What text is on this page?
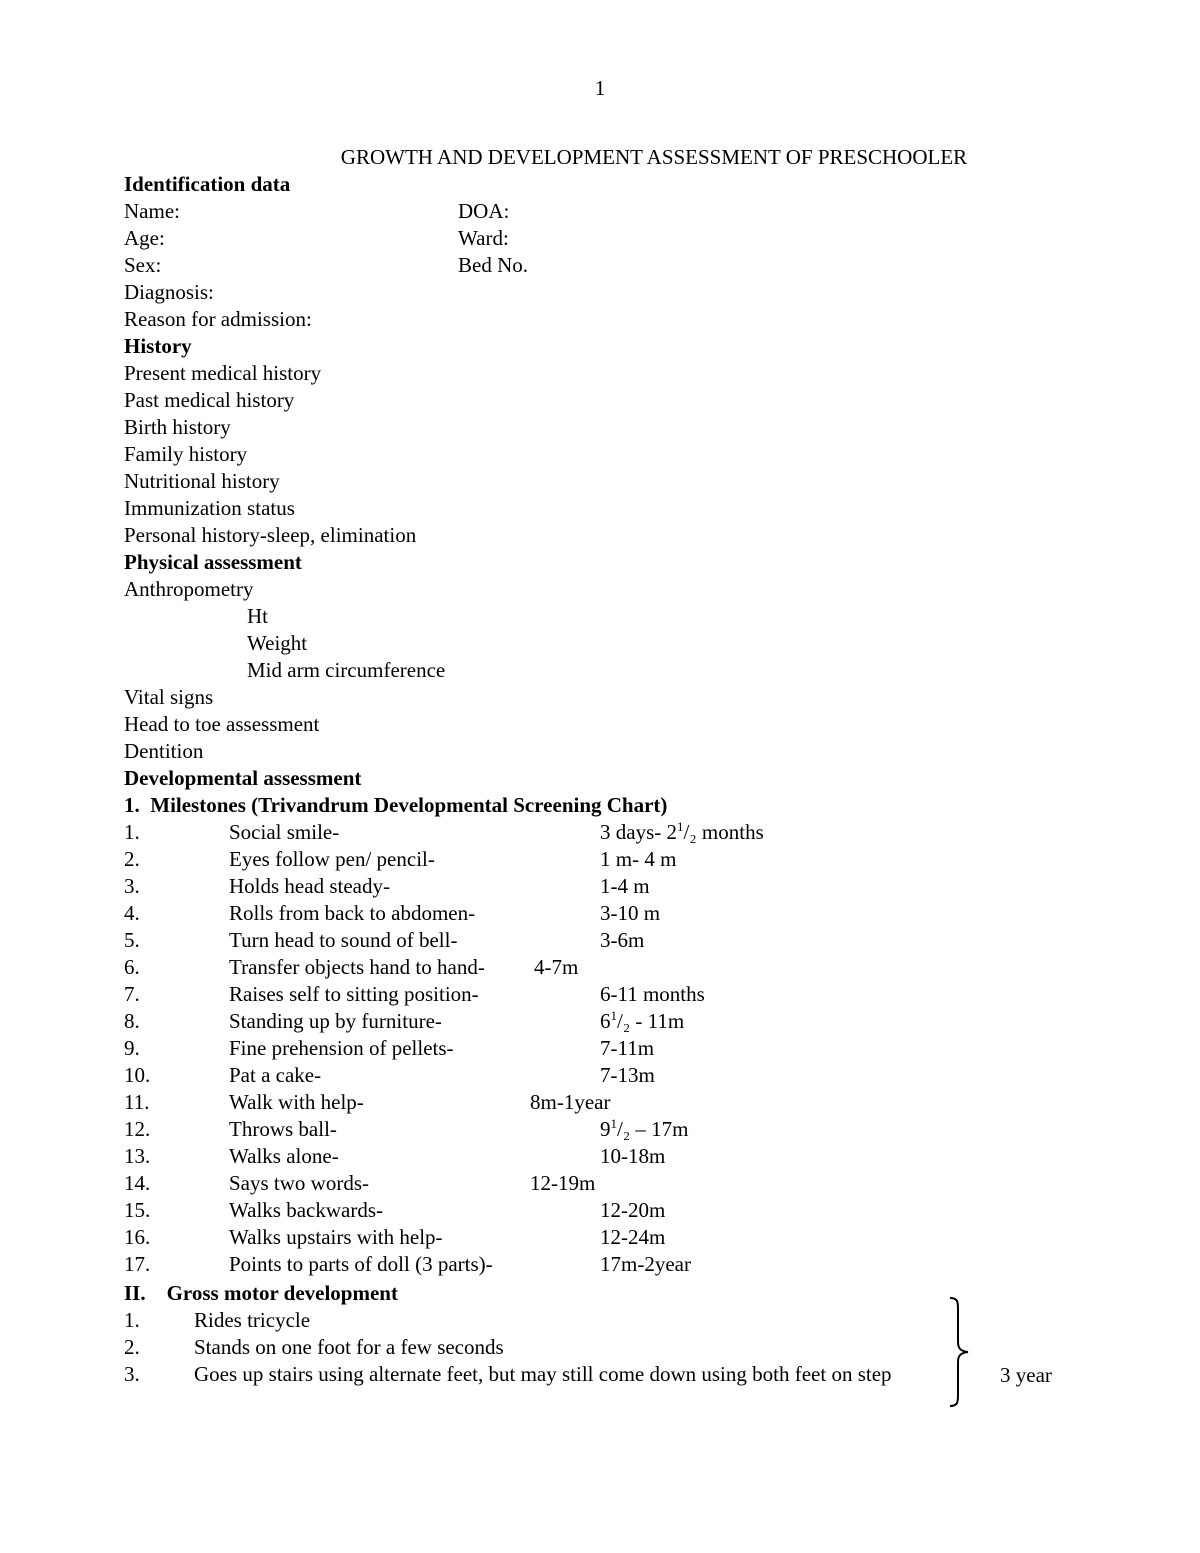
1
GROWTH AND DEVELOPMENT ASSESSMENT OF PRESCHOOLER
Identification data
Name:	DOA:
Age:	Ward:
Sex:	Bed No.
Diagnosis:
Reason for admission:
History
Present medical history
Past medical history
Birth history
Family history
Nutritional history
Immunization status
Personal history-sleep, elimination
Physical assessment
Anthropometry
Ht
Weight
Mid arm circumference
Vital signs
Head to toe assessment
Dentition
Developmental assessment
1.  Milestones (Trivandrum Developmental Screening Chart)
1.	Social smile-	3 days- $2^1/_2$ months
2.	Eyes follow pen/ pencil-	1 m- 4 m
3.	Holds head steady-	1-4 m
4.	Rolls from back to abdomen-	3-10 m
5.	Turn head to sound of bell-	3-6m
6.	Transfer objects hand to hand- 4-7m
7.	Raises self to sitting position-	6-11 months
8.	Standing up by furniture-	$6^1/_2 - 11m$
9.	Fine prehension of pellets-	7-11m
10.	Pat a cake-	7-13m
11.	Walk with help-	8m-1year
12.	Throws ball-	$9^1/_2 - 17m$
13.	Walks alone-	10-18m
14.	Says two words-	12-19m
15.	Walks backwards-	12-20m
16.	Walks upstairs with help-	12-24m
17.	Points to parts of doll (3 parts)-	17m-2year
II.    Gross motor development
1.	Rides tricycle
2.	Stands on one foot for a few seconds
3.	Goes up stairs using alternate feet, but may still come down using both feet on step	3 year
